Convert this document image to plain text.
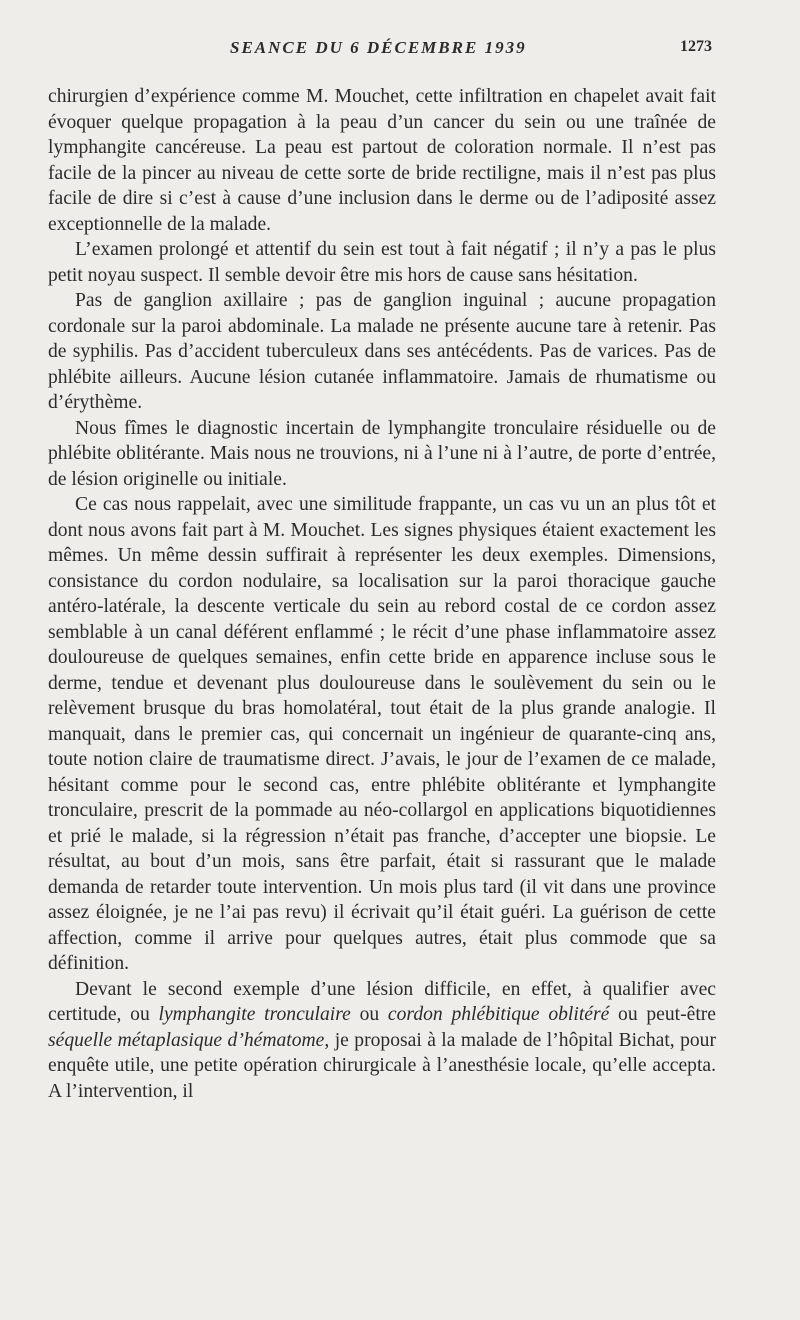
SEANCE DU 6 DÉCEMBRE 1939	1273

chirurgien d’expérience comme M. Mouchet, cette infiltration en chapelet avait fait évoquer quelque propagation à la peau d’un cancer du sein ou une traînée de lymphangite cancéreuse. La peau est partout de coloration normale. Il n’est pas facile de la pincer au niveau de cette sorte de bride rectiligne, mais il n’est pas plus facile de dire si c’est à cause d’une inclusion dans le derme ou de l’adiposité assez exceptionnelle de la malade.

L’examen prolongé et attentif du sein est tout à fait négatif ; il n’y a pas le plus petit noyau suspect. Il semble devoir être mis hors de cause sans hésitation.

Pas de ganglion axillaire ; pas de ganglion inguinal ; aucune propagation cordonale sur la paroi abdominale. La malade ne présente aucune tare à retenir. Pas de syphilis. Pas d’accident tuberculeux dans ses antécédents. Pas de varices. Pas de phlébite ailleurs. Aucune lésion cutanée inflammatoire. Jamais de rhumatisme ou d’érythème.

Nous fîmes le diagnostic incertain de lymphangite tronculaire résiduelle ou de phlébite oblitérante. Mais nous ne trouvions, ni à l’une ni à l’autre, de porte d’entrée, de lésion originelle ou initiale.

Ce cas nous rappelait, avec une similitude frappante, un cas vu un an plus tôt et dont nous avons fait part à M. Mouchet. Les signes physiques étaient exactement les mêmes. Un même dessin suffirait à représenter les deux exemples. Dimensions, consistance du cordon nodulaire, sa localisation sur la paroi thoracique gauche antéro-latérale, la descente verticale du sein au rebord costal de ce cordon assez semblable à un canal déférent enflammé ; le récit d’une phase inflammatoire assez douloureuse de quelques semaines, enfin cette bride en apparence incluse sous le derme, tendue et devenant plus douloureuse dans le soulèvement du sein ou le relèvement brusque du bras homolatéral, tout était de la plus grande analogie. Il manquait, dans le premier cas, qui concernait un ingénieur de quarante-cinq ans, toute notion claire de traumatisme direct. J’avais, le jour de l’examen de ce malade, hésitant comme pour le second cas, entre phlébite oblitérante et lymphangite tronculaire, prescrit de la pommade au néo-collargol en applications biquotidiennes et prié le malade, si la régression n’était pas franche, d’accepter une biopsie. Le résultat, au bout d’un mois, sans être parfait, était si rassurant que le malade demanda de retarder toute intervention. Un mois plus tard (il vit dans une province assez éloignée, je ne l’ai pas revu) il écrivait qu’il était guéri. La guérison de cette affection, comme il arrive pour quelques autres, était plus commode que sa définition.

Devant le second exemple d’une lésion difficile, en effet, à qualifier avec certitude, ou lymphangite tronculaire ou cordon phlébitique oblitéré ou peut-être séquelle métaplasique d’hématome, je proposai à la malade de l’hôpital Bichat, pour enquête utile, une petite opération chirurgicale à l’anesthésie locale, qu’elle accepta. A l’intervention, il
